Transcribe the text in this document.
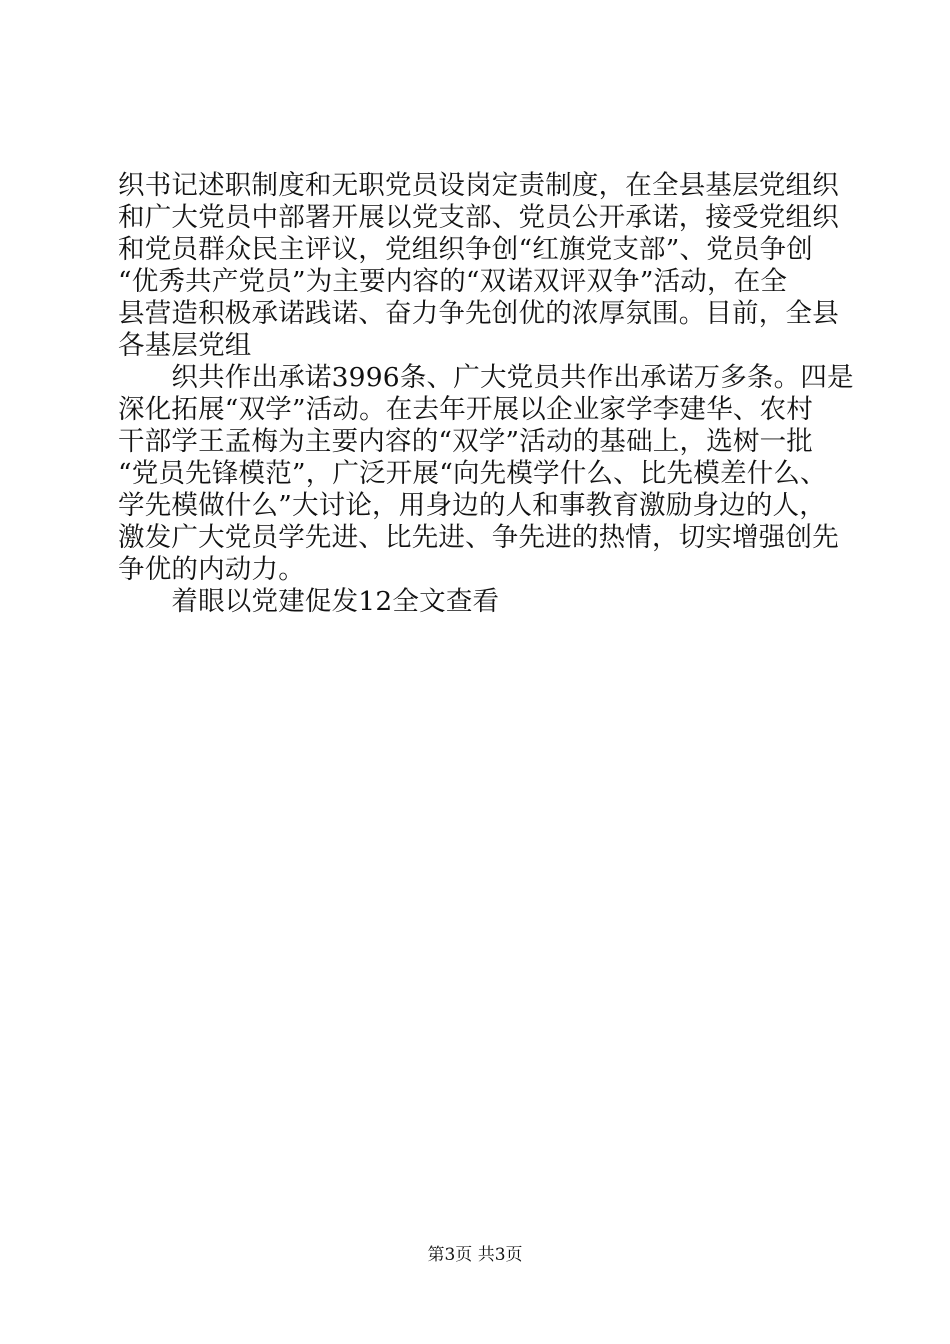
织书记述职制度和无职党员设岗定责制度，在全县基层党组织
和广大党员中部署开展以党支部、党员公开承诺，接受党组织
和党员群众民主评议，党组织争创“红旗党支部”、党员争创
“优秀共产党员”为主要内容的“双诺双评双争”活动，在全
县营造积极承诺践诺、奋力争先创优的浓厚氛围。目前，全县
各基层党组
　　织共作出承诺3996条、广大党员共作出承诺万多条。四是
深化拓展“双学”活动。在去年开展以企业家学李建华、农村
干部学王孟梅为主要内容的“双学”活动的基础上，选树一批
“党员先锋模范”，广泛开展“向先模学什么、比先模差什么、
学先模做什么”大讨论，用身边的人和事教育激励身边的人，
激发广大党员学先进、比先进、争先进的热情，切实增强创先
争优的内动力。
　　着眼以党建促发12全文查看
第3页 共3页
